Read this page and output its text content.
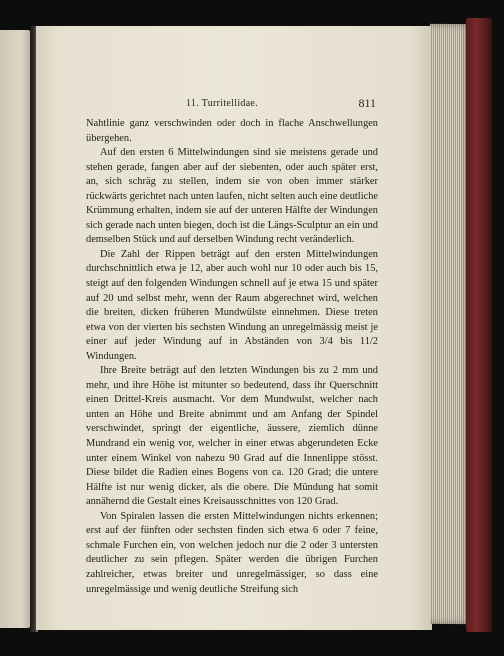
11. Turritellidae.	811

Nahtlinie ganz verschwinden oder doch in flache Anschwellungen übergehen.

Auf den ersten 6 Mittelwindungen sind sie meistens gerade und stehen gerade, fangen aber auf der siebenten, oder auch später erst, an, sich schräg zu stellen, indem sie von oben immer stärker rückwärts gerichtet nach unten laufen, nicht selten auch eine deutliche Krümmung erhalten, indem sie auf der unteren Hälfte der Windungen sich gerade nach unten biegen, doch ist die Längs-Sculptur an ein und demselben Stück und auf derselben Windung recht veränderlich.

Die Zahl der Rippen beträgt auf den ersten Mittelwindungen durchschnittlich etwa je 12, aber auch wohl nur 10 oder auch bis 15, steigt auf den folgenden Windungen schnell auf je etwa 15 und später auf 20 und selbst mehr, wenn der Raum abgerechnet wird, welchen die breiten, dicken früheren Mundwülste einnehmen. Diese treten etwa von der vierten bis sechsten Windung an unregelmässig meist je einer auf jeder Windung auf in Abständen von 3/4 bis 11/2 Windungen.

Ihre Breite beträgt auf den letzten Windungen bis zu 2 mm und mehr, und ihre Höhe ist mitunter so bedeutend, dass ihr Querschnitt einen Drittel-Kreis ausmacht. Vor dem Mundwulst, welcher nach unten an Höhe und Breite abnimmt und am Anfang der Spindel verschwindet, springt der eigentliche, äussere, ziemlich dünne Mundrand ein wenig vor, welcher in einer etwas abgerundeten Ecke unter einem Winkel von nahezu 90 Grad auf die Innenlippe stösst. Diese bildet die Radien eines Bogens von ca. 120 Grad; die untere Hälfte ist nur wenig dicker, als die obere. Die Mündung hat somit annähernd die Gestalt eines Kreisausschnittes von 120 Grad.

Von Spiralen lassen die ersten Mittelwindungen nichts erkennen; erst auf der fünften oder sechsten finden sich etwa 6 oder 7 feine, schmale Furchen ein, von welchen jedoch nur die 2 oder 3 untersten deutlicher zu sein pflegen. Später werden die übrigen Furchen zahlreicher, etwas breiter und unregelmässiger, so dass eine unregelmässige und wenig deutliche Streifung sich
